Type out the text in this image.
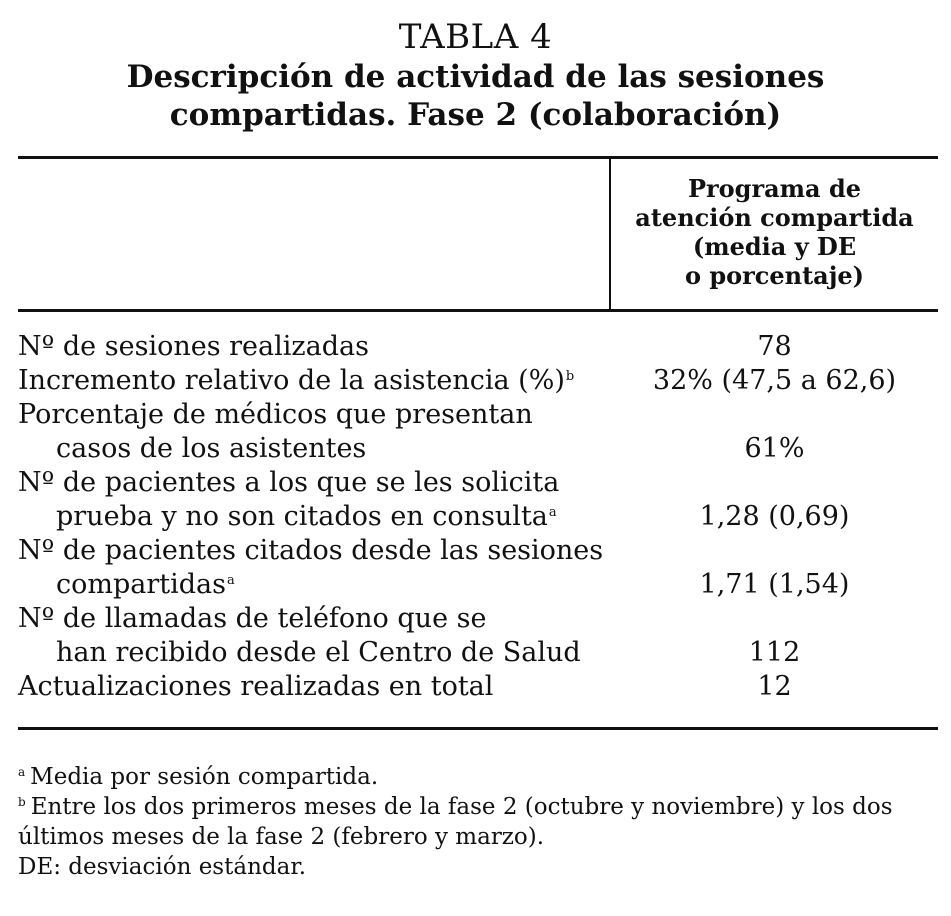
TABLA 4
Descripción de actividad de las sesiones
compartidas. Fase 2 (colaboración)
Programa de
atención compartida
(media y DE
o porcentaje)
Nº de sesiones realizadas	78
Incremento relativo de la asistencia (%)$^b$	32% (47,5 a 62,6)
Porcentaje de médicos que presentan
casos de los asistentes	61%
Nº de pacientes a los que se les solicita
prueba y no son citados en consulta$^a$	1,28 (0,69)
Nº de pacientes citados desde las sesiones
compartidas$^a$	1,71 (1,54)
Nº de llamadas de teléfono que se
han recibido desde el Centro de Salud	112
Actualizaciones realizadas en total	12

$^a$ Media por sesión compartida.

$^b$ Entre los dos primeros meses de la fase 2 (octubre y noviembre) y los dos

últimos meses de la fase 2 (febrero y marzo).

DE: desviación estándar.
